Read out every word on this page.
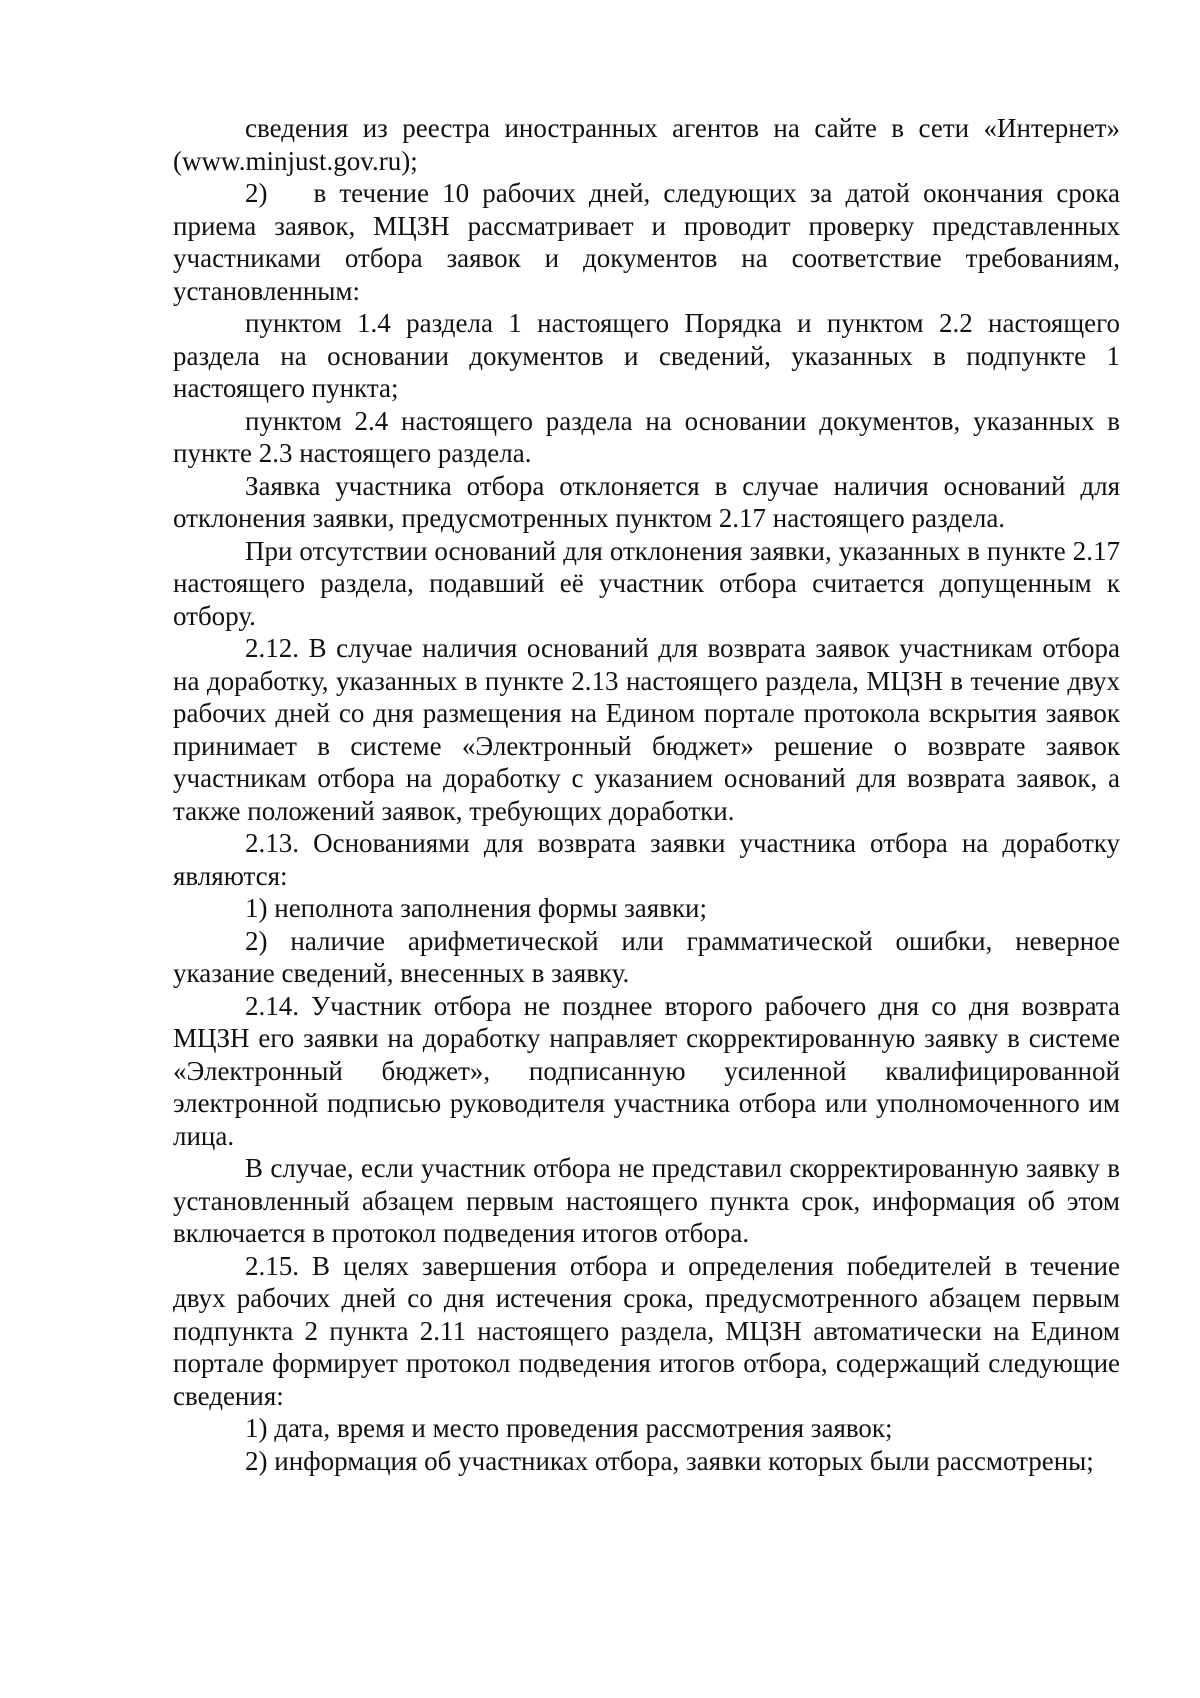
сведения из реестра иностранных агентов на сайте в сети «Интернет» (www.minjust.gov.ru);

2) в течение 10 рабочих дней, следующих за датой окончания срока приема заявок, МЦЗН рассматривает и проводит проверку представленных участниками отбора заявок и документов на соответствие требованиям, установленным:

пунктом 1.4 раздела 1 настоящего Порядка и пунктом 2.2 настоящего раздела на основании документов и сведений, указанных в подпункте 1 настоящего пункта;

пунктом 2.4 настоящего раздела на основании документов, указанных в пункте 2.3 настоящего раздела.

Заявка участника отбора отклоняется в случае наличия оснований для отклонения заявки, предусмотренных пунктом 2.17 настоящего раздела.

При отсутствии оснований для отклонения заявки, указанных в пункте 2.17 настоящего раздела, подавший её участник отбора считается допущенным к отбору.

2.12. В случае наличия оснований для возврата заявок участникам отбора на доработку, указанных в пункте 2.13 настоящего раздела, МЦЗН в течение двух рабочих дней со дня размещения на Едином портале протокола вскрытия заявок принимает в системе «Электронный бюджет» решение о возврате заявок участникам отбора на доработку с указанием оснований для возврата заявок, а также положений заявок, требующих доработки.

2.13. Основаниями для возврата заявки участника отбора на доработку являются:

1) неполнота заполнения формы заявки;

2) наличие арифметической или грамматической ошибки, неверное указание сведений, внесенных в заявку.

2.14. Участник отбора не позднее второго рабочего дня со дня возврата МЦЗН его заявки на доработку направляет скорректированную заявку в системе «Электронный бюджет», подписанную усиленной квалифицированной электронной подписью руководителя участника отбора или уполномоченного им лица.

В случае, если участник отбора не представил скорректированную заявку в установленный абзацем первым настоящего пункта срок, информация об этом включается в протокол подведения итогов отбора.

2.15. В целях завершения отбора и определения победителей в течение двух рабочих дней со дня истечения срока, предусмотренного абзацем первым подпункта 2 пункта 2.11 настоящего раздела, МЦЗН автоматически на Едином портале формирует протокол подведения итогов отбора, содержащий следующие сведения:

1) дата, время и место проведения рассмотрения заявок;

2) информация об участниках отбора, заявки которых были рассмотрены;
